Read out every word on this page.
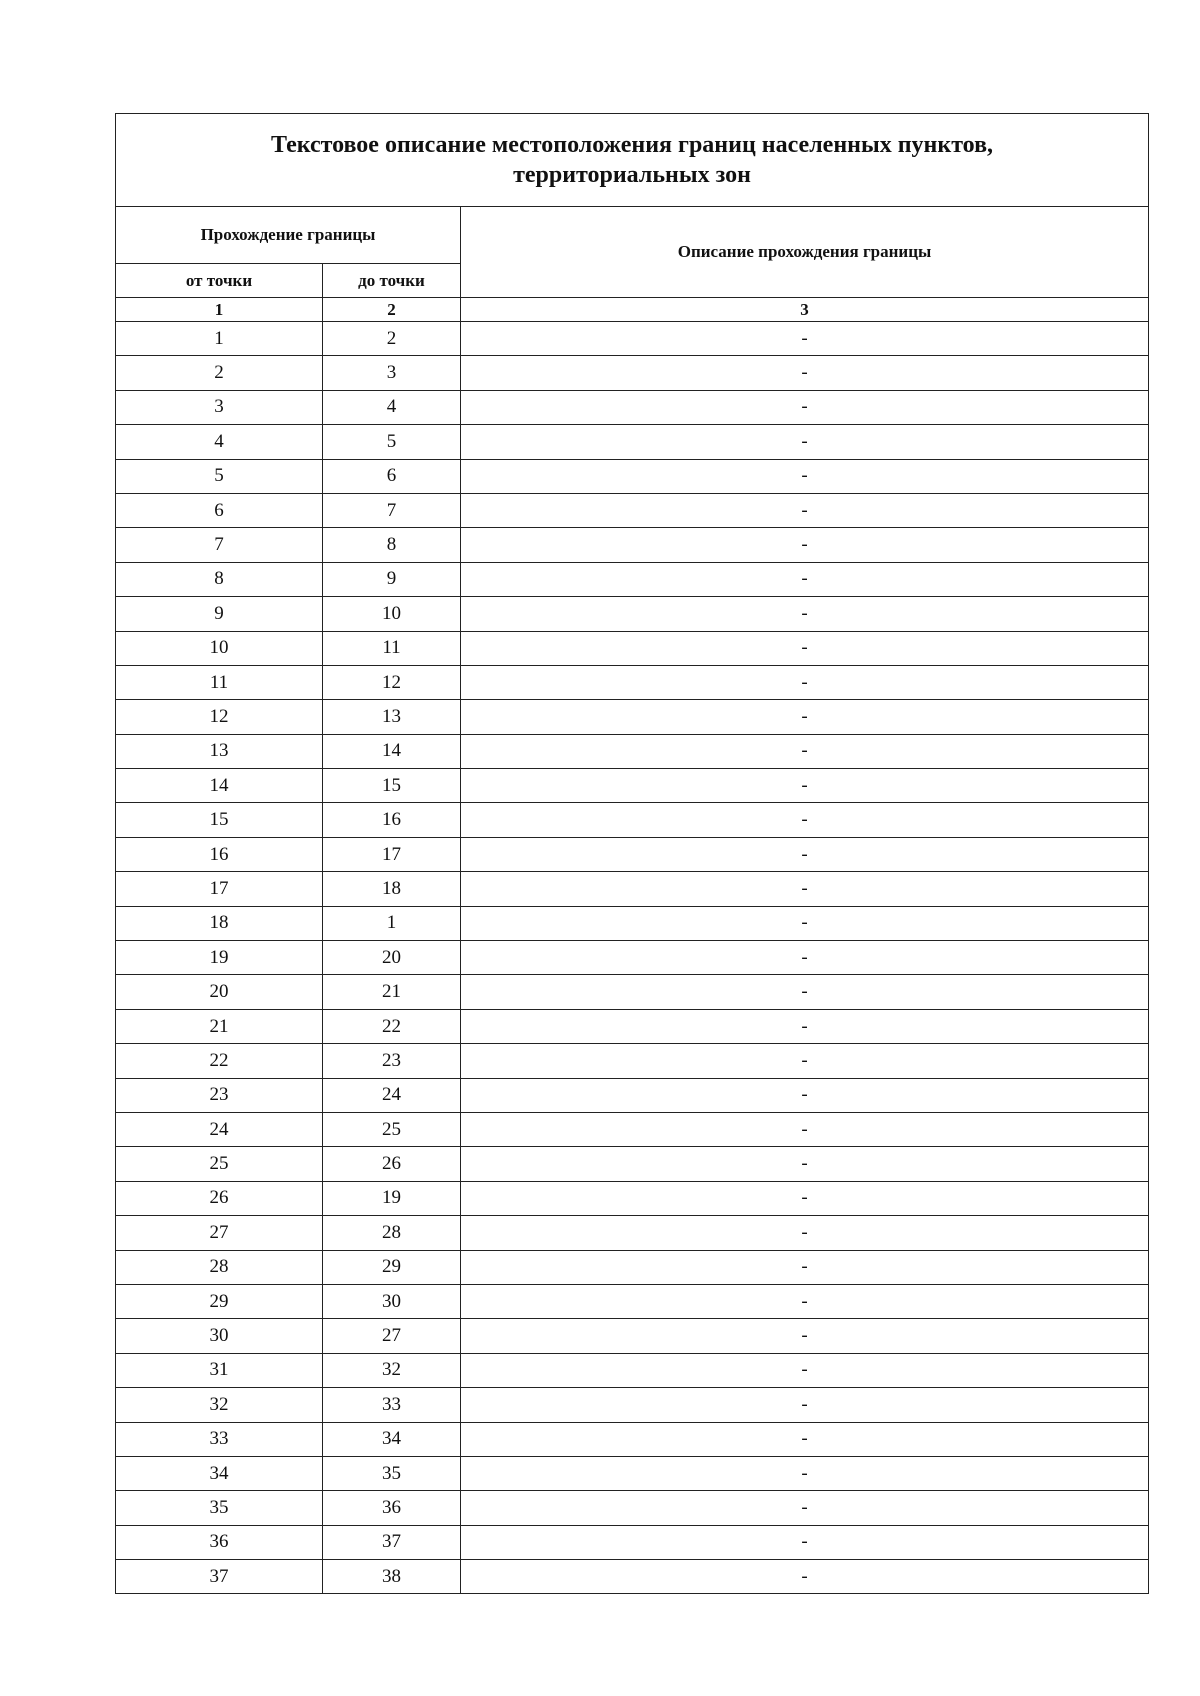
Текстовое описание местоположения границ населенных пунктов,
территориальных зон		
Прохождение границы		Описание прохождения границы
от точки	до точки	
1	2	3
1	2	-
2	3	-
3	4	-
4	5	-
5	6	-
6	7	-
7	8	-
8	9	-
9	10	-
10	11	-
11	12	-
12	13	-
13	14	-
14	15	-
15	16	-
16	17	-
17	18	-
18	1	-
19	20	-
20	21	-
21	22	-
22	23	-
23	24	-
24	25	-
25	26	-
26	19	-
27	28	-
28	29	-
29	30	-
30	27	-
31	32	-
32	33	-
33	34	-
34	35	-
35	36	-
36	37	-
37	38	-
